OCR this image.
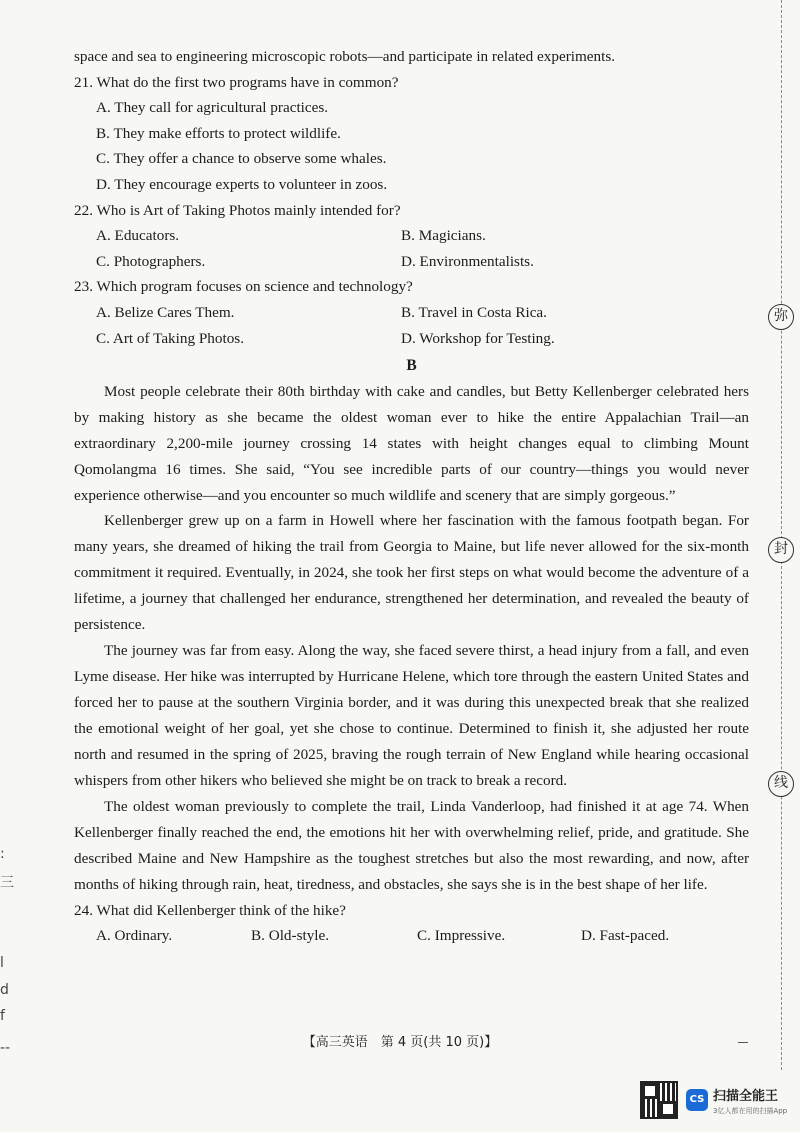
弥
封
线
:
三
l
d
f
--
space and sea to engineering microscopic robots—and participate in related experiments.
21. What do the first two programs have in common?
A. They call for agricultural practices.
B. They make efforts to protect wildlife.
C. They offer a chance to observe some whales.
D. They encourage experts to volunteer in zoos.
22. Who is Art of Taking Photos mainly intended for?
A. Educators.	B. Magicians.
C. Photographers.	D. Environmentalists.
23. Which program focuses on science and technology?
A. Belize Cares Them.	B. Travel in Costa Rica.
C. Art of Taking Photos.	D. Workshop for Testing.
B

Most people celebrate their 80th birthday with cake and candles, but Betty Kellenberger celebrated hers by making history as she became the oldest woman ever to hike the entire Appalachian Trail—an extraordinary 2,200-mile journey crossing 14 states with height changes equal to climbing Mount Qomolangma 16 times. She said, “You see incredible parts of our country—things you would never experience otherwise—and you encounter so much wildlife and scenery that are simply gorgeous.”

Kellenberger grew up on a farm in Howell where her fascination with the famous footpath began. For many years, she dreamed of hiking the trail from Georgia to Maine, but life never allowed for the six-month commitment it required. Eventually, in 2024, she took her first steps on what would become the adventure of a lifetime, a journey that challenged her endurance, strengthened her determination, and revealed the beauty of persistence.

The journey was far from easy. Along the way, she faced severe thirst, a head injury from a fall, and even Lyme disease. Her hike was interrupted by Hurricane Helene, which tore through the eastern United States and forced her to pause at the southern Virginia border, and it was during this unexpected break that she realized the emotional weight of her goal, yet she chose to continue. Determined to finish it, she adjusted her route north and resumed in the spring of 2025, braving the rough terrain of New England while hearing occasional whispers from other hikers who believed she might be on track to break a record.

The oldest woman previously to complete the trail, Linda Vanderloop, had finished it at age 74. When Kellenberger finally reached the end, the emotions hit her with overwhelming relief, pride, and gratitude. She described Maine and New Hampshire as the toughest stretches but also the most rewarding, and now, after months of hiking through rain, heat, tiredness, and obstacles, she says she is in the best shape of her life.

24. What did Kellenberger think of the hike?
A. Ordinary.	B. Old-style.	C. Impressive.	D. Fast-paced.
【高三英语　第 4 页(共 10 页)】
CS 扫描全能王
3亿人都在用的扫描App
